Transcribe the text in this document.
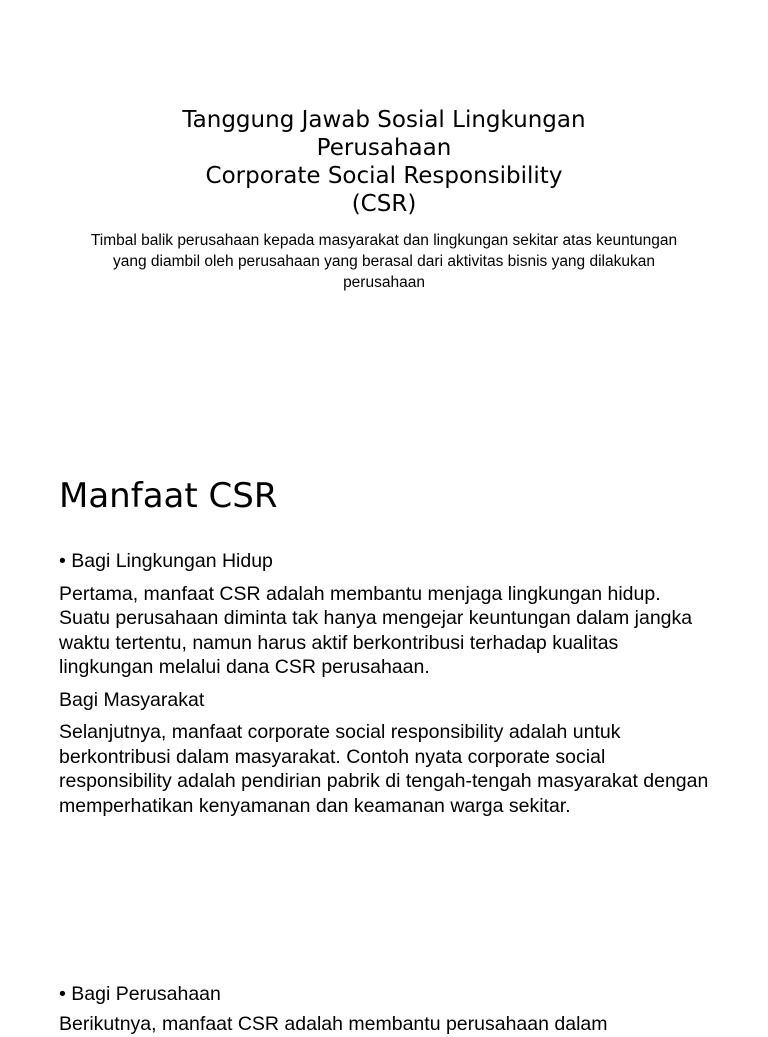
Tanggung Jawab Sosial Lingkungan
Perusahaan
Corporate Social Responsibility
(CSR)
Timbal balik perusahaan kepada masyarakat dan lingkungan sekitar atas keuntungan yang diambil oleh perusahaan yang berasal dari aktivitas bisnis yang dilakukan perusahaan
Manfaat CSR

• Bagi Lingkungan Hidup

Pertama, manfaat CSR adalah membantu menjaga lingkungan hidup. Suatu perusahaan diminta tak hanya mengejar keuntungan dalam jangka waktu tertentu, namun harus aktif berkontribusi terhadap kualitas lingkungan melalui dana CSR perusahaan.

Bagi Masyarakat

Selanjutnya, manfaat corporate social responsibility adalah untuk berkontribusi dalam masyarakat. Contoh nyata corporate social responsibility adalah pendirian pabrik di tengah-tengah masyarakat dengan memperhatikan kenyamanan dan keamanan warga sekitar.

• Bagi Perusahaan
Berikutnya, manfaat CSR adalah membantu perusahaan dalam
